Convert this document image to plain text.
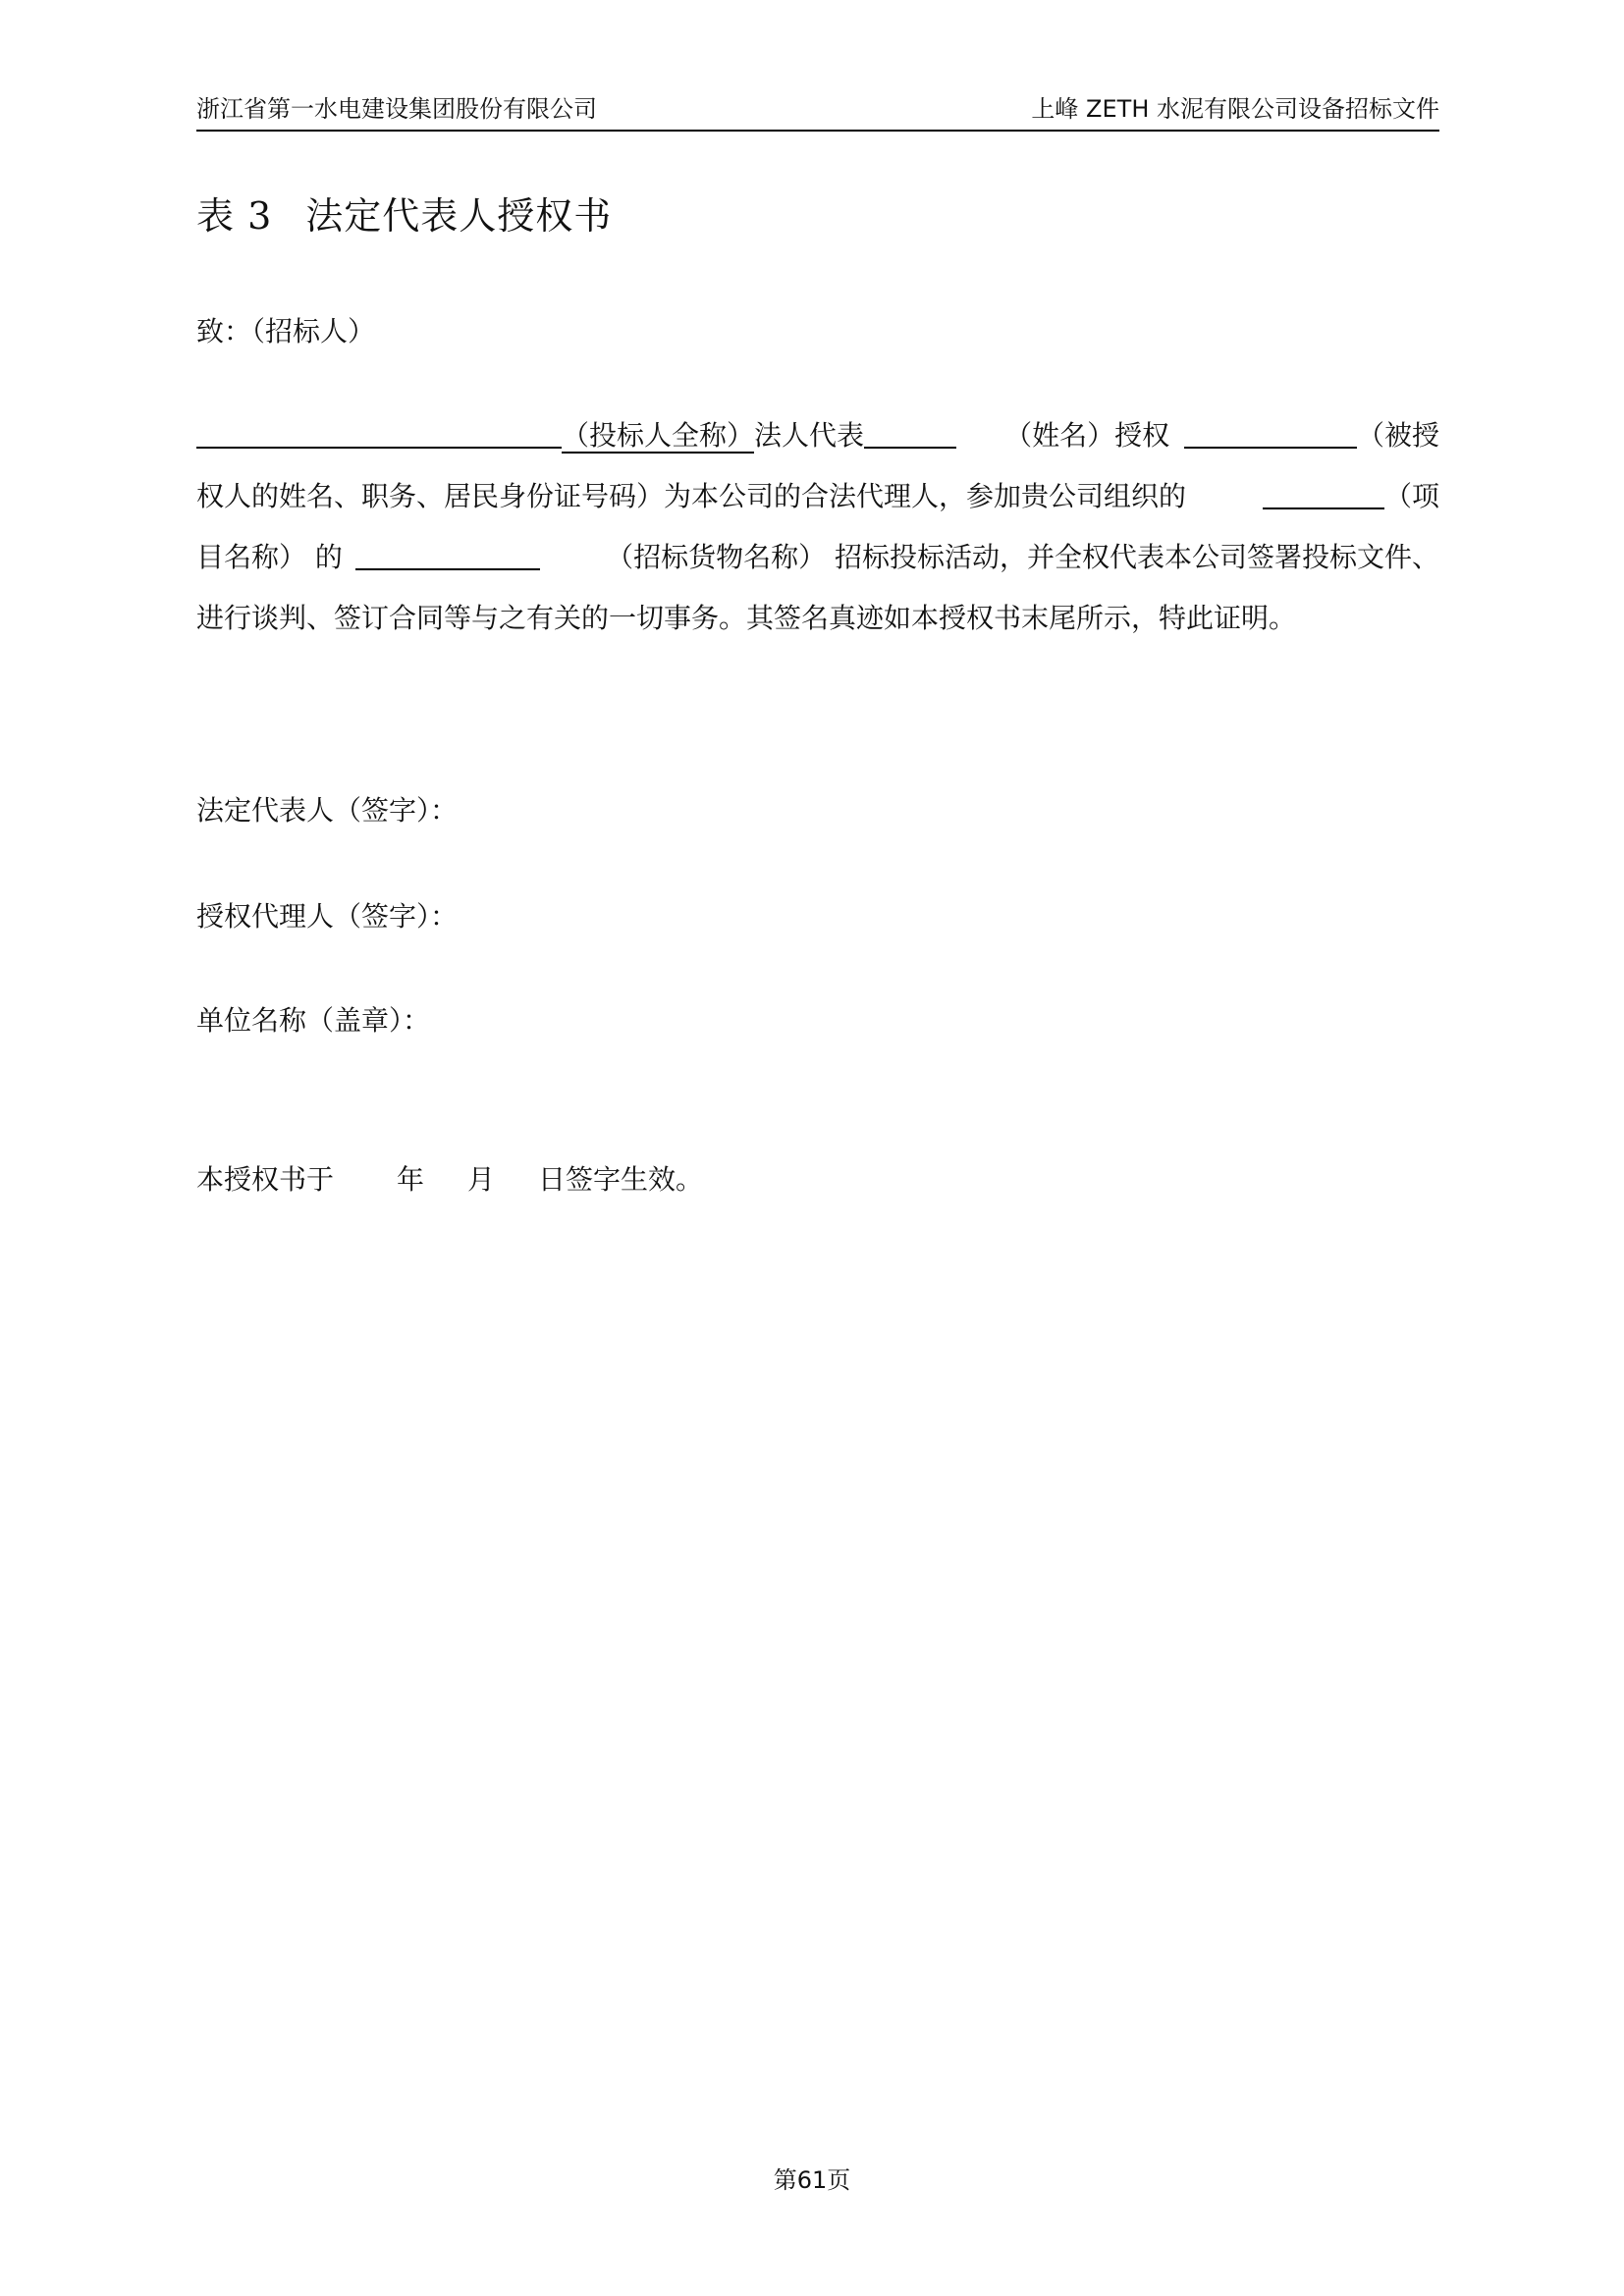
浙江省第一水电建设集团股份有限公司	上峰 ZETH 水泥有限公司设备招标文件
表 3 法定代表人授权书
致：（招标人）
（投标人全称）法人代表	（姓名）授权	（被授
权人的姓名、职务、居民身份证号码）为本公司的合法代理人，参加贵公司组织的	（项
目名称） 的	（招标货物名称） 招标投标活动，并全权代表本公司签署投标文件、
进行谈判、签订合同等与之有关的一切事务。其签名真迹如本授权书末尾所示，特此证明。
法定代表人（签字）：
授权代理人（签字）：
单位名称（盖章）：
本授权书于 年 月 日签字生效。
第61页
